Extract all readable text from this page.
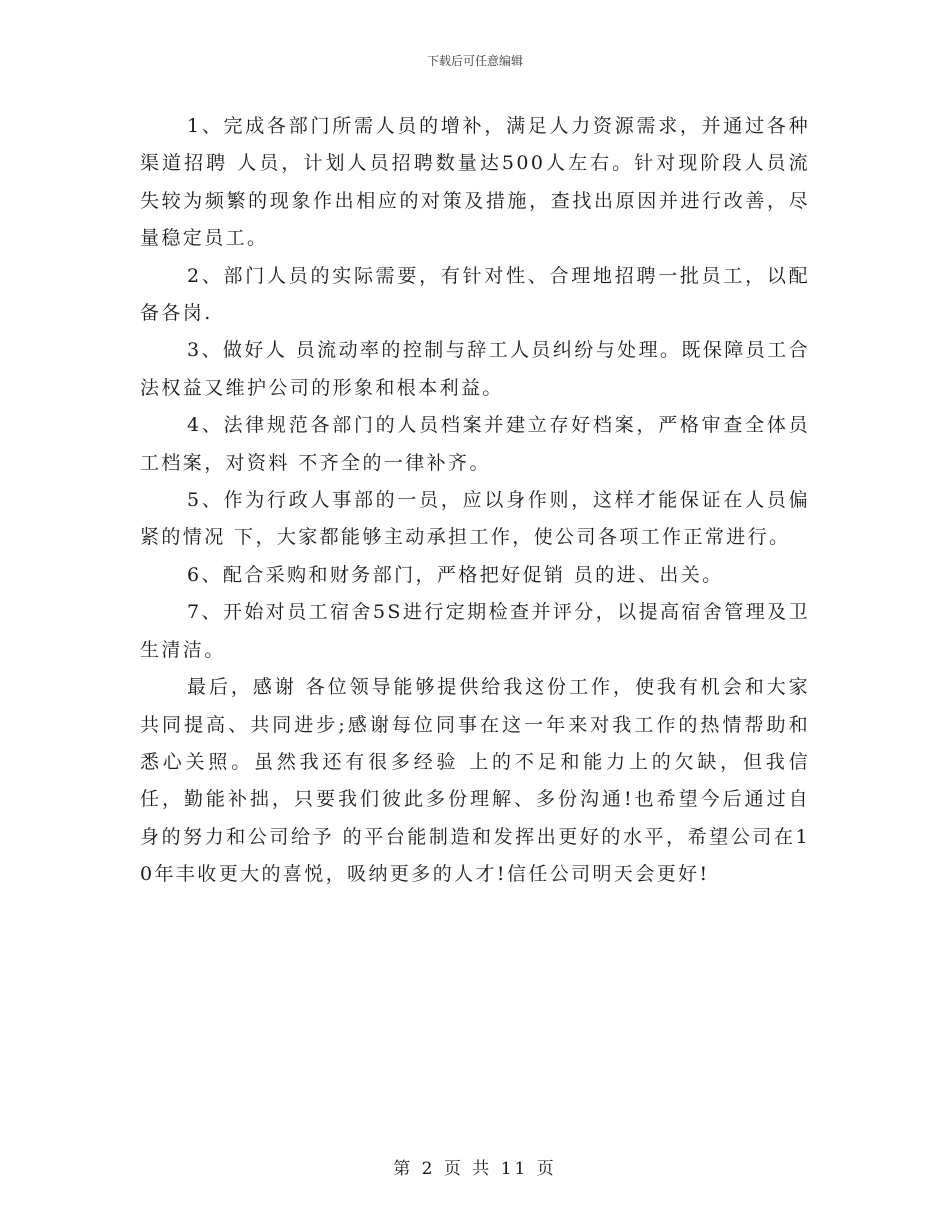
下载后可任意编辑

1、完成各部门所需人员的增补，满足人力资源需求，并通过各种渠道招聘 人员，计划人员招聘数量达500人左右。针对现阶段人员流失较为频繁的现象作出相应的对策及措施，查找出原因并进行改善，尽量稳定员工。

2、部门人员的实际需要，有针对性、合理地招聘一批员工，以配备各岗.

3、做好人 员流动率的控制与辞工人员纠纷与处理。既保障员工合法权益又维护公司的形象和根本利益。

4、法律规范各部门的人员档案并建立存好档案，严格审查全体员工档案，对资料 不齐全的一律补齐。

5、作为行政人事部的一员，应以身作则，这样才能保证在人员偏紧的情况 下，大家都能够主动承担工作，使公司各项工作正常进行。

6、配合采购和财务部门，严格把好促销 员的进、出关。

7、开始对员工宿舍5S进行定期检查并评分，以提高宿舍管理及卫生清洁。

最后，感谢 各位领导能够提供给我这份工作，使我有机会和大家共同提高、共同进步;感谢每位同事在这一年来对我工作的热情帮助和悉心关照。虽然我还有很多经验 上的不足和能力上的欠缺，但我信任，勤能补拙，只要我们彼此多份理解、多份沟通!也希望今后通过自身的努力和公司给予 的平台能制造和发挥出更好的水平，希望公司在10年丰收更大的喜悦，吸纳更多的人才!信任公司明天会更好!

第 2 页 共 11 页
